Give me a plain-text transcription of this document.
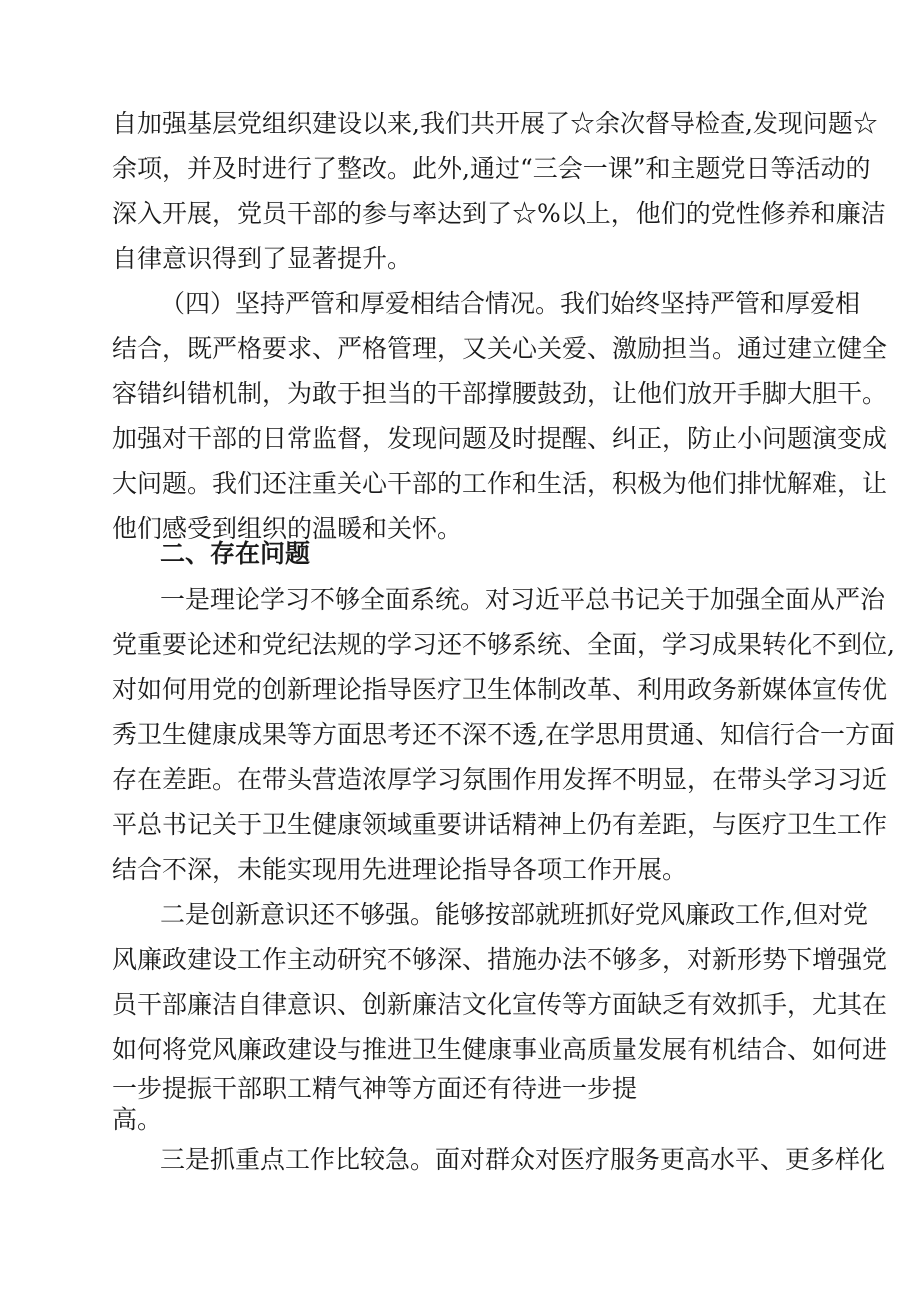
自加强基层党组织建设以来,我们共开展了☆余次督导检查,发现问题☆
余项，并及时进行了整改。此外,通过“三会一课”和主题党日等活动的
深入开展，党员干部的参与率达到了☆%以上，他们的党性修养和廉洁
自律意识得到了显著提升。
（四）坚持严管和厚爱相结合情况。我们始终坚持严管和厚爱相
结合，既严格要求、严格管理，又关心关爱、激励担当。通过建立健全
容错纠错机制，为敢于担当的干部撑腰鼓劲，让他们放开手脚大胆干。
加强对干部的日常监督，发现问题及时提醒、纠正，防止小问题演变成
大问题。我们还注重关心干部的工作和生活，积极为他们排忧解难，让
他们感受到组织的温暖和关怀。
二、存在问题
一是理论学习不够全面系统。对习近平总书记关于加强全面从严治
党重要论述和党纪法规的学习还不够系统、全面，学习成果转化不到位,
对如何用党的创新理论指导医疗卫生体制改革、利用政务新媒体宣传优
秀卫生健康成果等方面思考还不深不透,在学思用贯通、知信行合一方面
存在差距。在带头营造浓厚学习氛围作用发挥不明显，在带头学习习近
平总书记关于卫生健康领域重要讲话精神上仍有差距，与医疗卫生工作
结合不深，未能实现用先进理论指导各项工作开展。
二是创新意识还不够强。能够按部就班抓好党风廉政工作,但对党
风廉政建设工作主动研究不够深、措施办法不够多，对新形势下增强党
员干部廉洁自律意识、创新廉洁文化宣传等方面缺乏有效抓手，尤其在
如何将党风廉政建设与推进卫生健康事业高质量发展有机结合、如何进
一步提振干部职工精气神等方面还有待进一步提
高。
三是抓重点工作比较急。面对群众对医疗服务更高水平、更多样化
